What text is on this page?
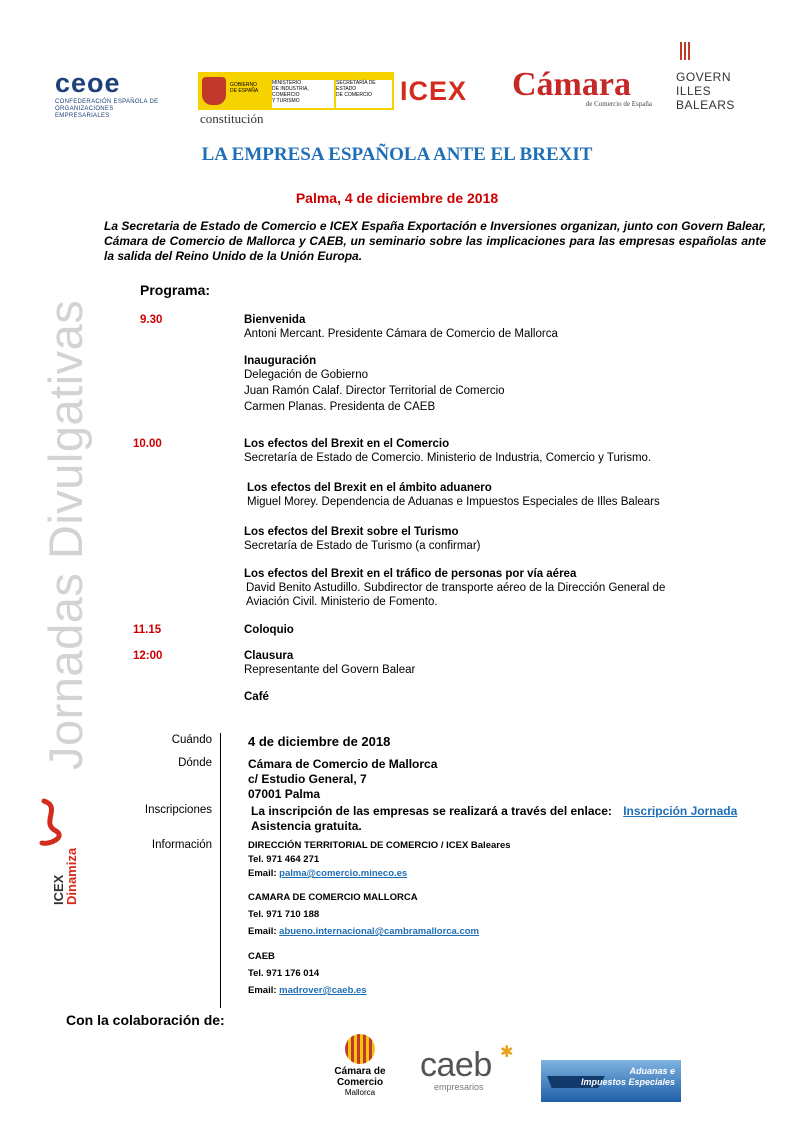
ceoe
CONFEDERACIÓN ESPAÑOLA DE
ORGANIZACIONES EMPRESARIALES
GOBIERNO
DE ESPAÑA
MINISTERIO
DE INDUSTRIA, COMERCIO
Y TURISMO
SECRETARÍA DE ESTADO
DE COMERCIO
constitución
ICEX Cámara
de Comercio de España
GOVERN
ILLES
BALEARS
Jornadas Divulgativas
LA EMPRESA ESPAÑOLA ANTE EL BREXIT
Palma, 4 de diciembre de 2018
La Secretaria de Estado de Comercio e ICEX España Exportación e Inversiones organizan, junto con Govern Balear, Cámara de Comercio de Mallorca y CAEB, un seminario sobre las implicaciones para las empresas españolas ante la salida del Reino Unido de la Unión Europa.
Programa:
9.30	Bienvenida
Antoni Mercant. Presidente Cámara de Comercio de Mallorca
Inauguración
Delegación de Gobierno
Juan Ramón Calaf. Director Territorial de Comercio
Carmen Planas. Presidenta de CAEB
10.00	Los efectos del Brexit en el Comercio
Secretaría de Estado de Comercio. Ministerio de Industria, Comercio y Turismo.
Los efectos del Brexit en el ámbito aduanero
Miguel Morey. Dependencia de Aduanas e Impuestos Especiales de Illes Balears
Los efectos del Brexit sobre el Turismo
Secretaría de Estado de Turismo (a confirmar)
Los efectos del Brexit en el tráfico de personas por vía aérea
David Benito Astudillo. Subdirector de transporte aéreo de la Dirección General de
Aviación Civil. Ministerio de Fomento.
11.15	Coloquio
12:00	Clausura
Representante del Govern Balear
Café
Cuándo	4 de diciembre de 2018
Dónde	Cámara de Comercio de Mallorca
c/ Estudio General, 7
07001 Palma
Inscripciones	La inscripción de las empresas se realizará a través del enlace: Inscripción Jornada
Asistencia gratuita.
Información	DIRECCIÓN TERRITORIAL DE COMERCIO / ICEX Baleares
Tel. 971 464 271
Email: palma@comercio.mineco.es
CAMARA DE COMERCIO MALLORCA
Tel. 971 710 188
Email: abueno.internacional@cambramallorca.com
CAEB
Tel. 971 176 014
Email: madrover@caeb.es
ICEX
Dinamiza
Con la colaboración de:
Cámara de Comercio
Mallorca
caeb
empresarios
✱
Aduanas e
Impuestos Especiales
